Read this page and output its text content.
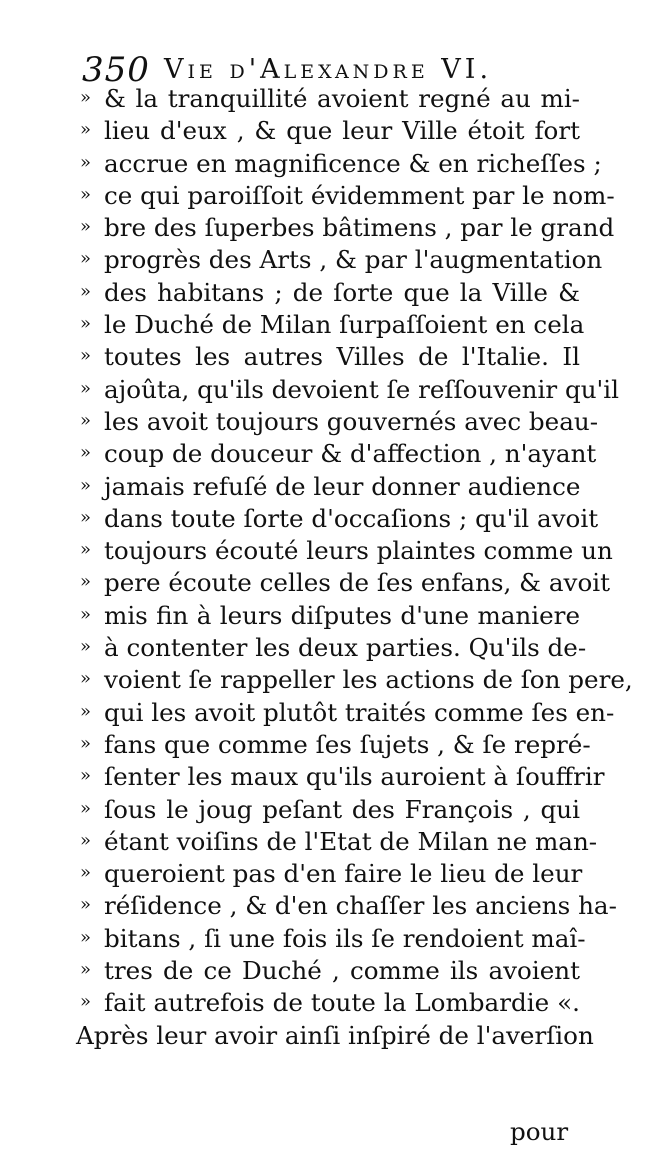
350 Vie d'Alexandre VI.
» & la tranquillité avoient regné au mi-
» lieu d'eux , & que leur Ville étoit fort
» accrue en magnificence & en richeſſes ;
» ce qui paroiſſoit évidemment par le nom-
» bre des ſuperbes bâtimens , par le grand
» progrès des Arts , & par l'augmentation
» des habitans ; de ſorte que la Ville &
» le Duché de Milan ſurpaſſoient en cela
» toutes les autres Villes de l'Italie. Il
» ajoûta, qu'ils devoient ſe reſſouvenir qu'il
» les avoit toujours gouvernés avec beau-
» coup de douceur & d'affection , n'ayant
» jamais refuſé de leur donner audience
» dans toute ſorte d'occaſions ; qu'il avoit
» toujours écouté leurs plaintes comme un
» pere écoute celles de ſes enfans, & avoit
» mis fin à leurs diſputes d'une maniere
» à contenter les deux parties. Qu'ils de-
» voient ſe rappeller les actions de ſon pere,
» qui les avoit plutôt traités comme ſes en-
» fans que comme ſes ſujets , & ſe repré-
» ſenter les maux qu'ils auroient à ſouffrir
» ſous le joug peſant des François , qui
» étant voiſins de l'Etat de Milan ne man-
» queroient pas d'en faire le lieu de leur
» réſidence , & d'en chaſſer les anciens ha-
» bitans , ſi une fois ils ſe rendoient maî-
» tres de ce Duché , comme ils avoient
» fait autrefois de toute la Lombardie «.
Après leur avoir ainſi inſpiré de l'averſion
pour
